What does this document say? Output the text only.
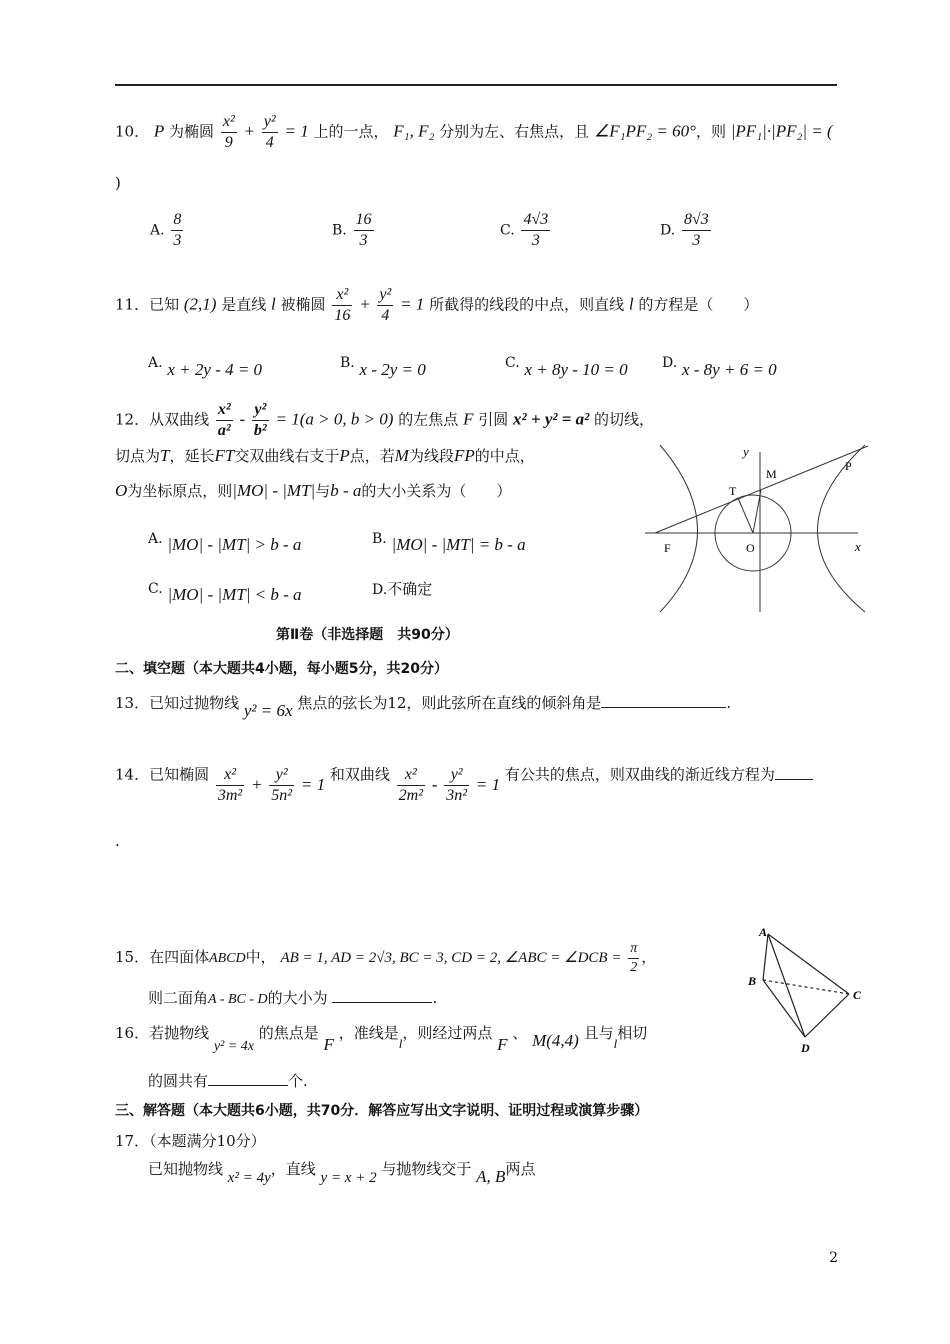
10． P 为椭圆 $\frac{\text{x²}}{9} + \frac{\text{y²}}{4} = 1$ 上的一点， F₁, F₂ 分别为左、右焦点，且 ∠F₁PF₂ = 60°，则 |PF₁|·|PF₂| = (
)
A. $\frac{8}{3}$	B. $\frac{16}{3}$	C. $\frac{4√3}{3}$	D. $\frac{8√3}{3}$
11．已知 (2,1) 是直线 l 被椭圆 $\frac{\text{x²}}{16} + \frac{\text{y²}}{4} = 1$ 所截得的线段的中点，则直线 l 的方程是（　　）
A. x + 2y - 4 = 0	B. x - 2y = 0	C. x + 8y - 10 = 0 D. x - 8y + 6 = 0
12．从双曲线 $\frac{\text{x²}}{\text{a²}} - \frac{\text{y²}}{\text{b²}} = 1(a > 0$, b > 0) 的左焦点 F 引圆 x² + y² = a² 的切线，
切点为T，延长FT交双曲线右支于P点，若M为线段FP的中点，
O为坐标原点，则|MO| - |MT|与b - a的大小关系为（　　）
A. |MO| - |MT| > b - a	B. |MO| - |MT| = b - a
C. |MO| - |MT| < b - a	D.不确定
y
x
M
P
T
F	O
第Ⅱ卷（非选择题　共90分）
二、填空题（本大题共4小题，每小题5分，共20分）
13．已知过抛物线 y² = 6x 焦点的弦长为12，则此弦所在直线的倾斜角是	.
14．已知椭圆 $\frac{\text{x²}}{\text{3m²}} + \frac{\text{y²}}{\text{5n²}} = 1$ 和双曲线 $\frac{\text{x²}}{\text{2m²}} - \frac{\text{y²}}{\text{3n²}} = 1$ 有公共的焦点，则双曲线的渐近线方程为
.
15．在四面体ABCD中， AB = 1, AD = 2√3, BC = 3, CD = 2, ∠ABC = ∠DCB = $\frac{\pi}{2}$ ，
则二面角A - BC - D的大小为	.
A
B
C
D
16．若抛物线 y² = 4x 的焦点是 F ，准线是l，则经过两点 F 、 M(4,4) 且与l相切
的圆共有	个.
三、解答题（本大题共6小题，共70分．解答应写出文字说明、证明过程或演算步骤）
17．（本题满分10分）
已知抛物线 x² = 4y，直线 y = x + 2 与抛物线交于 A, B两点
2
